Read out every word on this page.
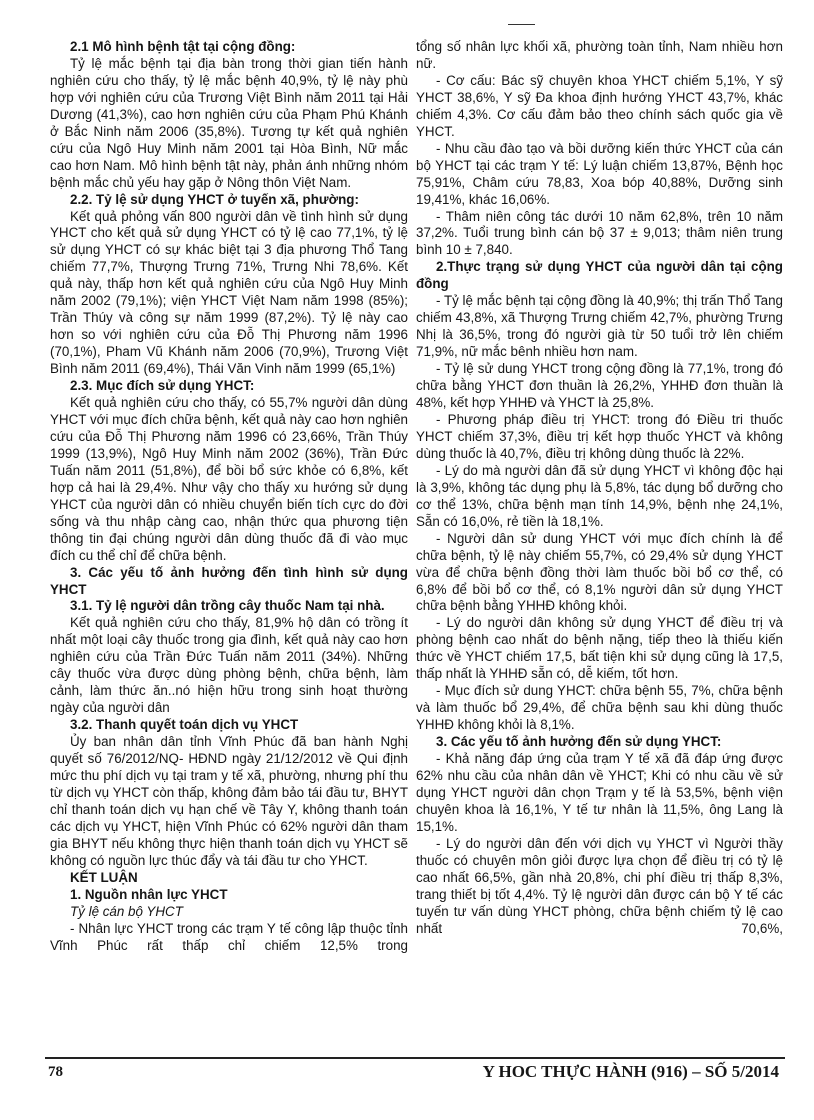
2.1 Mô hình bệnh tật tại cộng đồng:

Tỷ lệ mắc bệnh tại địa bàn trong thời gian tiến hành nghiên cứu cho thấy, tỷ lệ mắc bệnh 40,9%, tỷ lệ này phù hợp với nghiên cứu của Trương Việt Bình năm 2011 tại Hải Dương (41,3%), cao hơn nghiên cứu của Phạm Phú Khánh ở Bắc Ninh năm 2006 (35,8%). Tương tự kết quả nghiên cứu của Ngô Huy Minh năm 2001 tại Hòa Bình, Nữ mắc cao hơn Nam. Mô hình bệnh tật này, phản ánh những nhóm bệnh mắc chủ yếu hay gặp ở Nông thôn Việt Nam.

2.2. Tỷ lệ sử dụng YHCT ở tuyến xã, phường:

Kết quả phỏng vấn 800 người dân về tình hình sử dụng YHCT cho kết quả sử dụng YHCT có tỷ lệ cao 77,1%, tỷ lệ sử dụng YHCT có sự khác biệt tại 3 địa phương Thổ Tang chiếm 77,7%, Thượng Trưng 71%, Trưng Nhi 78,6%. Kết quả này, thấp hơn kết quả nghiên cứu của Ngô Huy Minh năm 2002 (79,1%); viện YHCT Việt Nam năm 1998 (85%); Trần Thúy và công sự năm 1999 (87,2%). Tỷ lệ này cao hơn so với nghiên cứu của Đỗ Thị Phương năm 1996 (70,1%), Pham Vũ Khánh năm 2006 (70,9%), Trương Việt Bình năm 2011 (69,4%), Thái Văn Vinh năm 1999 (65,1%)

2.3. Mục đích sử dụng YHCT:

Kết quả nghiên cứu cho thấy, có 55,7% người dân dùng YHCT với mục đích chữa bệnh, kết quả này cao hơn nghiên cứu của Đỗ Thị Phương năm 1996 có 23,66%, Trần Thúy 1999 (13,9%), Ngô Huy Minh năm 2002 (36%), Trần Đức Tuấn năm 2011 (51,8%), để bồi bổ sức khỏe có 6,8%, kết hợp cả hai là 29,4%. Như vậy cho thấy xu hướng sử dụng YHCT của người dân có nhiều chuyển biến tích cực do đời sống và thu nhập càng cao, nhận thức qua phương tiện thông tin đại chúng người dân dùng thuốc đã đi vào mục đích cu thể chỉ để chữa bệnh.

3. Các yếu tố ảnh hưởng đến tình hình sử dụng YHCT

3.1. Tỷ lệ người dân trồng cây thuốc Nam tại nhà.

Kết quả nghiên cứu cho thấy, 81,9% hộ dân có trồng ít nhất một loại cây thuốc trong gia đình, kết quả này cao hơn nghiên cứu của Trần Đức Tuấn năm 2011 (34%). Những cây thuốc vừa được dùng phòng bệnh, chữa bệnh, làm cảnh, làm thức ăn..nó hiện hữu trong sinh hoạt thường ngày của người dân

3.2. Thanh quyết toán dịch vụ YHCT

Ủy ban nhân dân tỉnh Vĩnh Phúc đã ban hành Nghị quyết số 76/2012/NQ- HĐND ngày 21/12/2012 về Qui định mức thu phí dịch vụ tại tram y tế xã, phường, nhưng phí thu từ dịch vụ YHCT còn thấp, không đảm bảo tái đầu tư, BHYT chỉ thanh toán dịch vụ hạn chế về Tây Y, không thanh toán các dịch vụ YHCT, hiện Vĩnh Phúc có 62% người dân tham gia BHYT nếu không thực hiện thanh toán dịch vụ YHCT sẽ không có nguồn lực thúc đẩy và tái đầu tư cho YHCT.

KẾT LUẬN

1. Nguồn nhân lực YHCT

Tỷ lệ cán bộ YHCT

- Nhân lực YHCT trong các trạm Y tế công lập thuộc tỉnh Vĩnh Phúc rất thấp chỉ chiếm 12,5% trong

tổng số nhân lực khối xã, phường toàn tỉnh, Nam nhiều hơn nữ.

- Cơ cấu: Bác sỹ chuyên khoa YHCT chiếm 5,1%, Y sỹ YHCT 38,6%, Y sỹ Đa khoa định hướng YHCT 43,7%, khác chiếm 4,3%. Cơ cấu đảm bảo theo chính sách quốc gia về YHCT.

- Nhu cầu đào tạo và bồi dưỡng kiến thức YHCT của cán bộ YHCT tại các trạm Y tế: Lý luận chiếm 13,87%, Bệnh học 75,91%, Châm cứu 78,83, Xoa bóp 40,88%, Dưỡng sinh 19,41%, khác 16,06%.

- Thâm niên công tác dưới 10 năm 62,8%, trên 10 năm 37,2%. Tuổi trung bình cán bộ 37 ± 9,013; thâm niên trung bình 10 ± 7,840.

2.Thực trạng sử dụng YHCT của người dân tại cộng đồng

- Tỷ lệ mắc bệnh tại cộng đồng là 40,9%; thị trấn Thổ Tang chiếm 43,8%, xã Thượng Trưng chiếm 42,7%, phường Trưng Nhị là 36,5%, trong đó người già từ 50 tuổi trở lên chiếm 71,9%, nữ mắc bênh nhiều hơn nam.

- Tỷ lệ sử dung YHCT trong cộng đồng là 77,1%, trong đó chữa bằng YHCT đơn thuần là 26,2%, YHHĐ đơn thuần là 48%, kết hợp YHHĐ và YHCT là 25,8%.

- Phương pháp điều trị YHCT: trong đó Điều tri thuốc YHCT chiếm 37,3%, điều trị kết hợp thuốc YHCT và không dùng thuốc là 40,7%, điều trị không dùng thuốc là 22%.

- Lý do mà người dân đã sử dụng YHCT vì không độc hại là 3,9%, không tác dụng phụ là 5,8%, tác dụng bổ dưỡng cho cơ thể 13%, chữa bệnh mạn tính 14,9%, bệnh nhẹ 24,1%, Sẵn có 16,0%, rẻ tiền là 18,1%.

- Người dân sử dung YHCT với mục đích chính là để chữa bệnh, tỷ lệ này chiếm 55,7%, có 29,4% sử dụng YHCT vừa để chữa bệnh đồng thời làm thuốc bồi bổ cơ thể, có 6,8% để bồi bổ cơ thể, có 8,1% người dân sử dụng YHCT chữa bệnh bằng YHHĐ không khỏi.

- Lý do người dân không sử dụng YHCT để điều trị và phòng bệnh cao nhất do bệnh nặng, tiếp theo là thiếu kiến thức về YHCT chiếm 17,5, bất tiện khi sử dụng cũng là 17,5, thấp nhất là YHHĐ sẵn có, dễ kiếm, tốt hơn.

- Mục đích sử dung YHCT: chữa bệnh 55, 7%, chữa bệnh và làm thuốc bổ 29,4%, để chữa bệnh sau khi dùng thuốc YHHĐ không khỏi là 8,1%.

3. Các yếu tố ảnh hưởng đến sử dụng YHCT:

- Khả năng đáp ứng của trạm Y tế xã đã đáp ứng được 62% nhu cầu của nhân dân về YHCT; Khi có nhu cầu về sử dụng YHCT người dân chọn Trạm y tế là 53,5%, bệnh viện chuyên khoa là 16,1%, Y tế tư nhân là 11,5%, ông Lang là 15,1%.

- Lý do người dân đến với dịch vụ YHCT vì Người thầy thuốc có chuyên môn giỏi được lựa chọn để điều trị có tỷ lệ cao nhất 66,5%, gần nhà 20,8%, chi phí điều trị thấp 8,3%, trang thiết bị tốt 4,4%. Tỷ lệ người dân được cán bộ Y tế các tuyến tư vấn dùng YHCT phòng, chữa bệnh chiếm tỷ lệ cao nhất 70,6%,

78	Y HOC THỰC HÀNH (916) – SỐ 5/2014
